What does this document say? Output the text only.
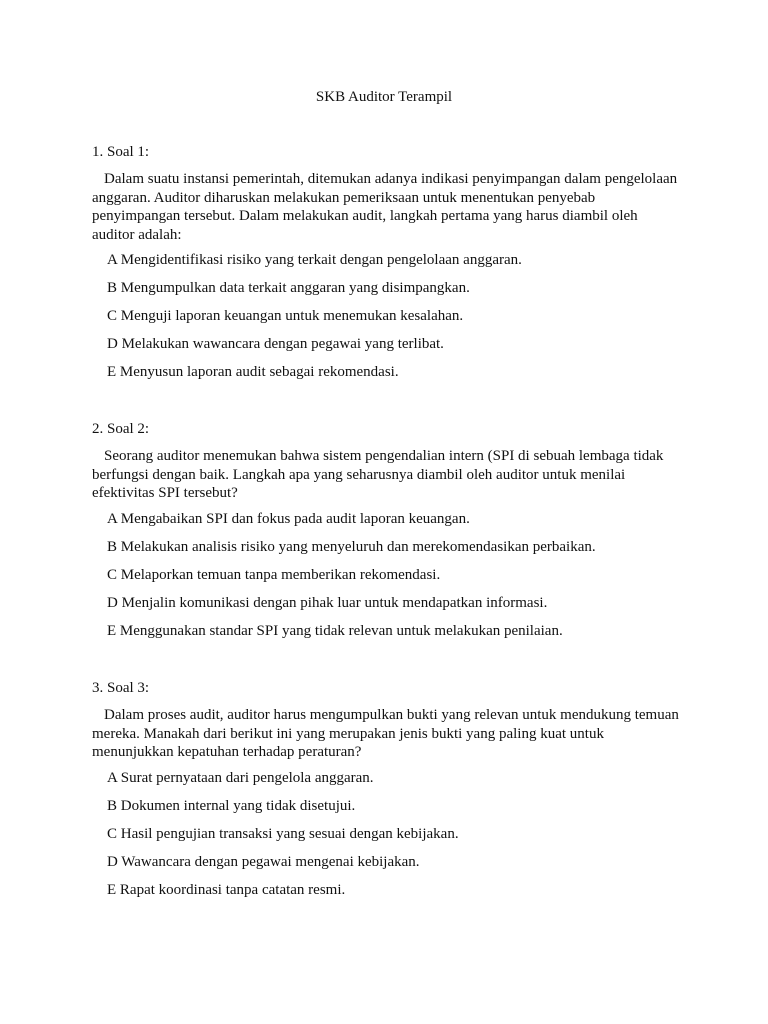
SKB Auditor Terampil

1. Soal 1:

Dalam suatu instansi pemerintah, ditemukan adanya indikasi penyimpangan dalam pengelolaan anggaran. Auditor diharuskan melakukan pemeriksaan untuk menentukan penyebab penyimpangan tersebut. Dalam melakukan audit, langkah pertama yang harus diambil oleh auditor adalah:

A Mengidentifikasi risiko yang terkait dengan pengelolaan anggaran.
B Mengumpulkan data terkait anggaran yang disimpangkan.
C Menguji laporan keuangan untuk menemukan kesalahan.
D Melakukan wawancara dengan pegawai yang terlibat.
E Menyusun laporan audit sebagai rekomendasi.

2. Soal 2:

Seorang auditor menemukan bahwa sistem pengendalian intern (SPI di sebuah lembaga tidak berfungsi dengan baik. Langkah apa yang seharusnya diambil oleh auditor untuk menilai efektivitas SPI tersebut?

A Mengabaikan SPI dan fokus pada audit laporan keuangan.
B Melakukan analisis risiko yang menyeluruh dan merekomendasikan perbaikan.
C Melaporkan temuan tanpa memberikan rekomendasi.
D Menjalin komunikasi dengan pihak luar untuk mendapatkan informasi.
E Menggunakan standar SPI yang tidak relevan untuk melakukan penilaian.

3. Soal 3:

Dalam proses audit, auditor harus mengumpulkan bukti yang relevan untuk mendukung temuan mereka. Manakah dari berikut ini yang merupakan jenis bukti yang paling kuat untuk menunjukkan kepatuhan terhadap peraturan?

A Surat pernyataan dari pengelola anggaran.
B Dokumen internal yang tidak disetujui.
C Hasil pengujian transaksi yang sesuai dengan kebijakan.
D Wawancara dengan pegawai mengenai kebijakan.
E Rapat koordinasi tanpa catatan resmi.
